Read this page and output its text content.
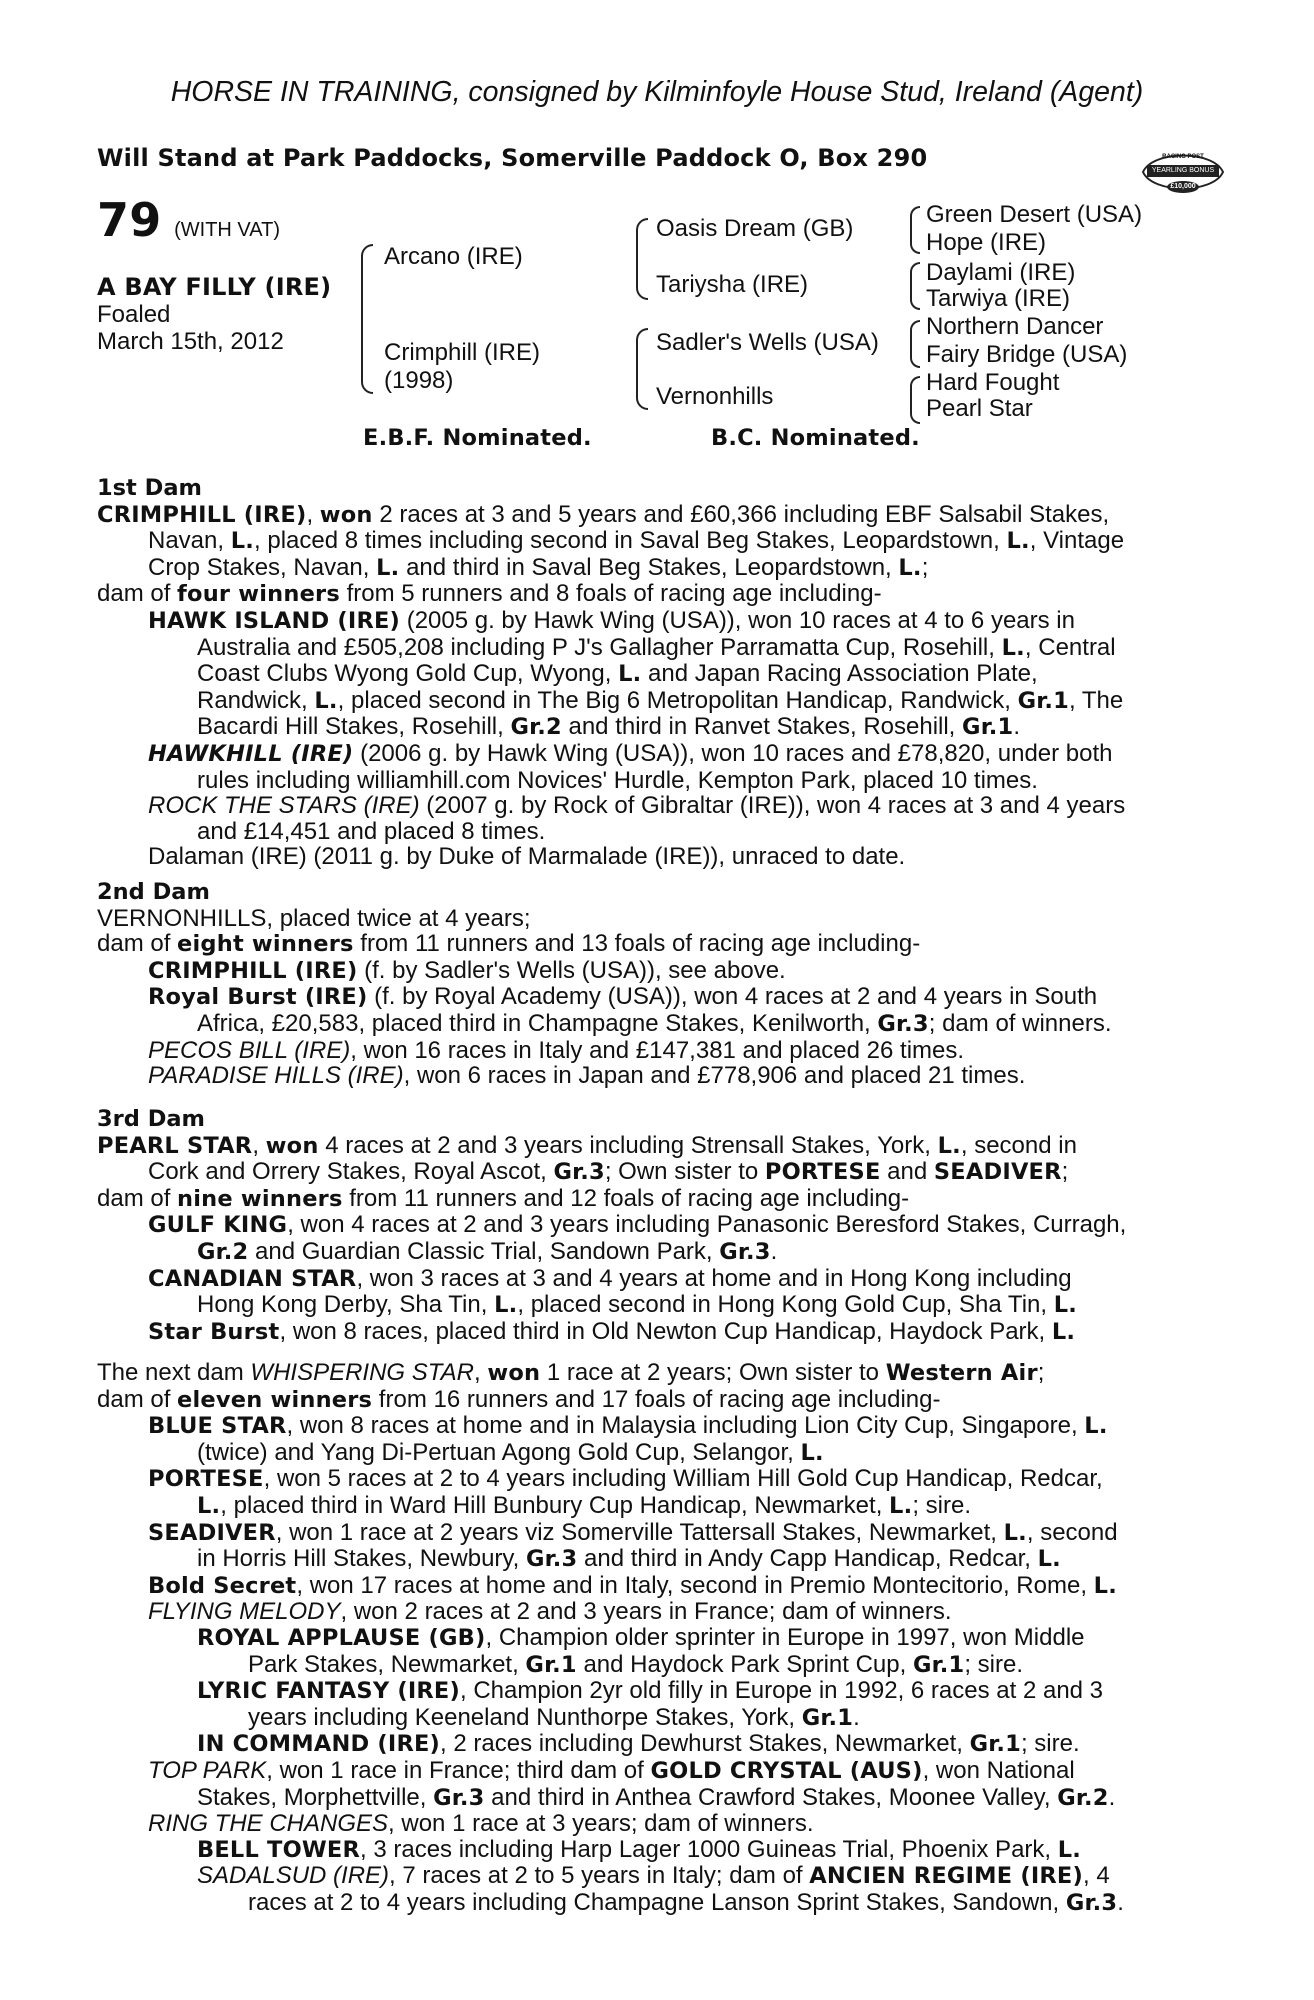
HORSE IN TRAINING, consigned by Kilminfoyle House Stud, Ireland (Agent)
Will Stand at Park Paddocks, Somerville Paddock O, Box 290	RACING POST
YEARLING BONUS
£10,000
79 (WITH VAT)
A BAY FILLY (IRE)
Foaled
March 15th, 2012
Arcano (IRE)
Crimphill (IRE)
(1998)
Oasis Dream (GB)
Tariysha (IRE)
Sadler's Wells (USA)
Vernonhills
Green Desert (USA)
Hope (IRE)
Daylami (IRE)
Tarwiya (IRE)
Northern Dancer
Fairy Bridge (USA)
Hard Fought
Pearl Star
E.B.F. Nominated.	B.C. Nominated.

1st Dam

CRIMPHILL (IRE), won 2 races at 3 and 5 years and £60,366 including EBF Salsabil Stakes,

Navan, L., placed 8 times including second in Saval Beg Stakes, Leopardstown, L., Vintage

Crop Stakes, Navan, L. and third in Saval Beg Stakes, Leopardstown, L.;

dam of four winners from 5 runners and 8 foals of racing age including-

HAWK ISLAND (IRE) (2005 g. by Hawk Wing (USA)), won 10 races at 4 to 6 years in

Australia and £505,208 including P J's Gallagher Parramatta Cup, Rosehill, L., Central

Coast Clubs Wyong Gold Cup, Wyong, L. and Japan Racing Association Plate,

Randwick, L., placed second in The Big 6 Metropolitan Handicap, Randwick, Gr.1, The

Bacardi Hill Stakes, Rosehill, Gr.2 and third in Ranvet Stakes, Rosehill, Gr.1.

HAWKHILL (IRE) (2006 g. by Hawk Wing (USA)), won 10 races and £78,820, under both

rules including williamhill.com Novices' Hurdle, Kempton Park, placed 10 times.

ROCK THE STARS (IRE) (2007 g. by Rock of Gibraltar (IRE)), won 4 races at 3 and 4 years

and £14,451 and placed 8 times.

Dalaman (IRE) (2011 g. by Duke of Marmalade (IRE)), unraced to date.

2nd Dam

VERNONHILLS, placed twice at 4 years;

dam of eight winners from 11 runners and 13 foals of racing age including-

CRIMPHILL (IRE) (f. by Sadler's Wells (USA)), see above.

Royal Burst (IRE) (f. by Royal Academy (USA)), won 4 races at 2 and 4 years in South

Africa, £20,583, placed third in Champagne Stakes, Kenilworth, Gr.3; dam of winners.

PECOS BILL (IRE), won 16 races in Italy and £147,381 and placed 26 times.

PARADISE HILLS (IRE), won 6 races in Japan and £778,906 and placed 21 times.

3rd Dam

PEARL STAR, won 4 races at 2 and 3 years including Strensall Stakes, York, L., second in

Cork and Orrery Stakes, Royal Ascot, Gr.3; Own sister to PORTESE and SEADIVER;

dam of nine winners from 11 runners and 12 foals of racing age including-

GULF KING, won 4 races at 2 and 3 years including Panasonic Beresford Stakes, Curragh,

Gr.2 and Guardian Classic Trial, Sandown Park, Gr.3.

CANADIAN STAR, won 3 races at 3 and 4 years at home and in Hong Kong including

Hong Kong Derby, Sha Tin, L., placed second in Hong Kong Gold Cup, Sha Tin, L.

Star Burst, won 8 races, placed third in Old Newton Cup Handicap, Haydock Park, L.

The next dam WHISPERING STAR, won 1 race at 2 years; Own sister to Western Air;

dam of eleven winners from 16 runners and 17 foals of racing age including-

BLUE STAR, won 8 races at home and in Malaysia including Lion City Cup, Singapore, L.

(twice) and Yang Di-Pertuan Agong Gold Cup, Selangor, L.

PORTESE, won 5 races at 2 to 4 years including William Hill Gold Cup Handicap, Redcar,

L., placed third in Ward Hill Bunbury Cup Handicap, Newmarket, L.; sire.

SEADIVER, won 1 race at 2 years viz Somerville Tattersall Stakes, Newmarket, L., second

in Horris Hill Stakes, Newbury, Gr.3 and third in Andy Capp Handicap, Redcar, L.

Bold Secret, won 17 races at home and in Italy, second in Premio Montecitorio, Rome, L.

FLYING MELODY, won 2 races at 2 and 3 years in France; dam of winners.

ROYAL APPLAUSE (GB), Champion older sprinter in Europe in 1997, won Middle

Park Stakes, Newmarket, Gr.1 and Haydock Park Sprint Cup, Gr.1; sire.

LYRIC FANTASY (IRE), Champion 2yr old filly in Europe in 1992, 6 races at 2 and 3

years including Keeneland Nunthorpe Stakes, York, Gr.1.

IN COMMAND (IRE), 2 races including Dewhurst Stakes, Newmarket, Gr.1; sire.

TOP PARK, won 1 race in France; third dam of GOLD CRYSTAL (AUS), won National

Stakes, Morphettville, Gr.3 and third in Anthea Crawford Stakes, Moonee Valley, Gr.2.

RING THE CHANGES, won 1 race at 3 years; dam of winners.

BELL TOWER, 3 races including Harp Lager 1000 Guineas Trial, Phoenix Park, L.

SADALSUD (IRE), 7 races at 2 to 5 years in Italy; dam of ANCIEN REGIME (IRE), 4

races at 2 to 4 years including Champagne Lanson Sprint Stakes, Sandown, Gr.3.
